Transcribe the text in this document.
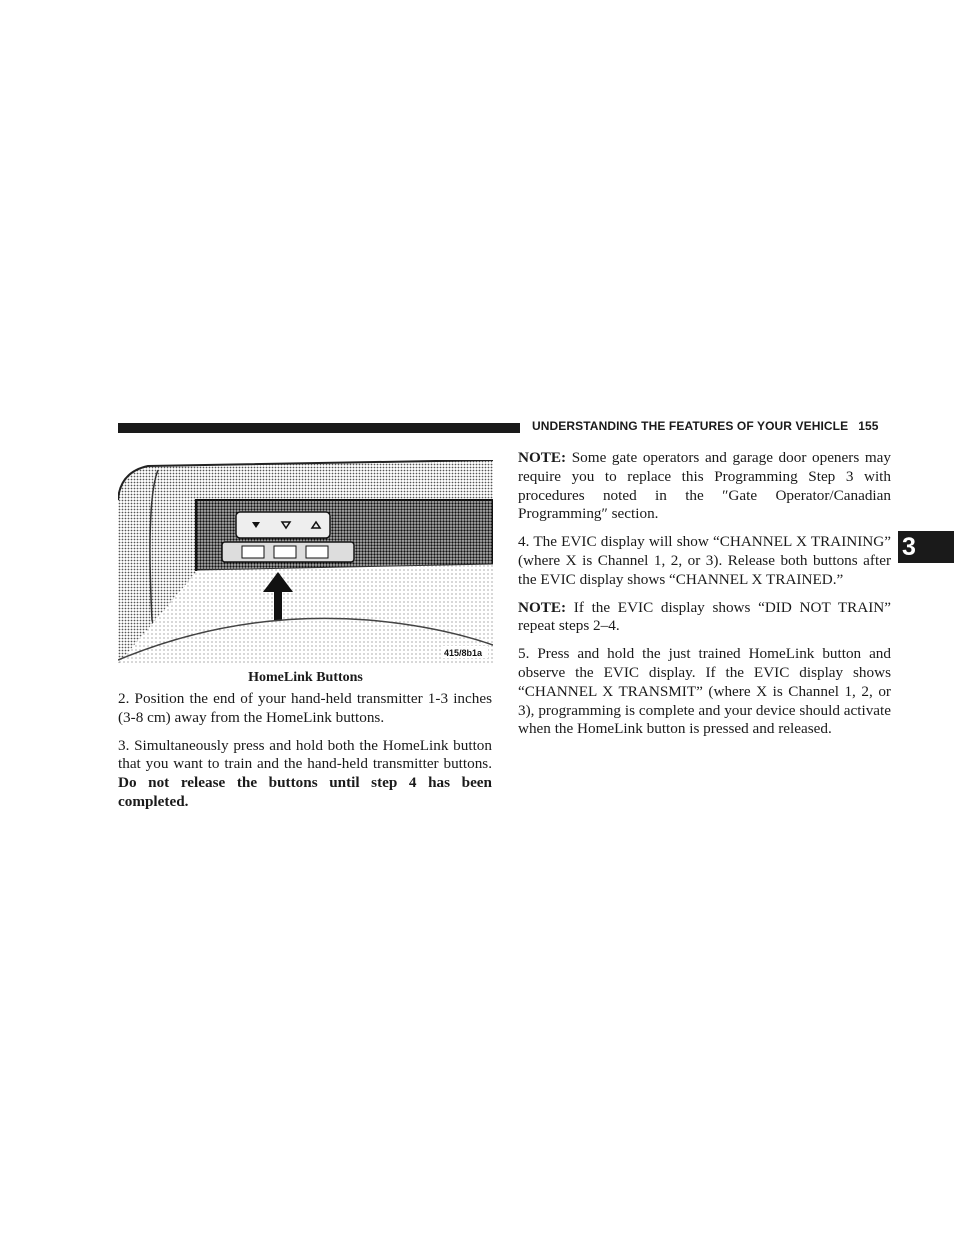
UNDERSTANDING THE FEATURES OF YOUR VEHICLE 155
3
415/8b1a
HomeLink Buttons

2. Position the end of your hand-held transmitter 1-3 inches (3-8 cm) away from the HomeLink buttons.

3. Simultaneously press and hold both the HomeLink button that you want to train and the hand-held transmitter buttons. Do not release the buttons until step 4 has been completed.

NOTE: Some gate operators and garage door openers may require you to replace this Programming Step 3 with procedures noted in the ″Gate Operator/Canadian Programming″ section.

4. The EVIC display will show “CHANNEL X TRAINING” (where X is Channel 1, 2, or 3). Release both buttons after the EVIC display shows “CHANNEL X TRAINED.”

NOTE: If the EVIC display shows “DID NOT TRAIN” repeat steps 2–4.

5. Press and hold the just trained HomeLink button and observe the EVIC display. If the EVIC display shows “CHANNEL X TRANSMIT” (where X is Channel 1, 2, or 3), programming is complete and your device should activate when the HomeLink button is pressed and released.
